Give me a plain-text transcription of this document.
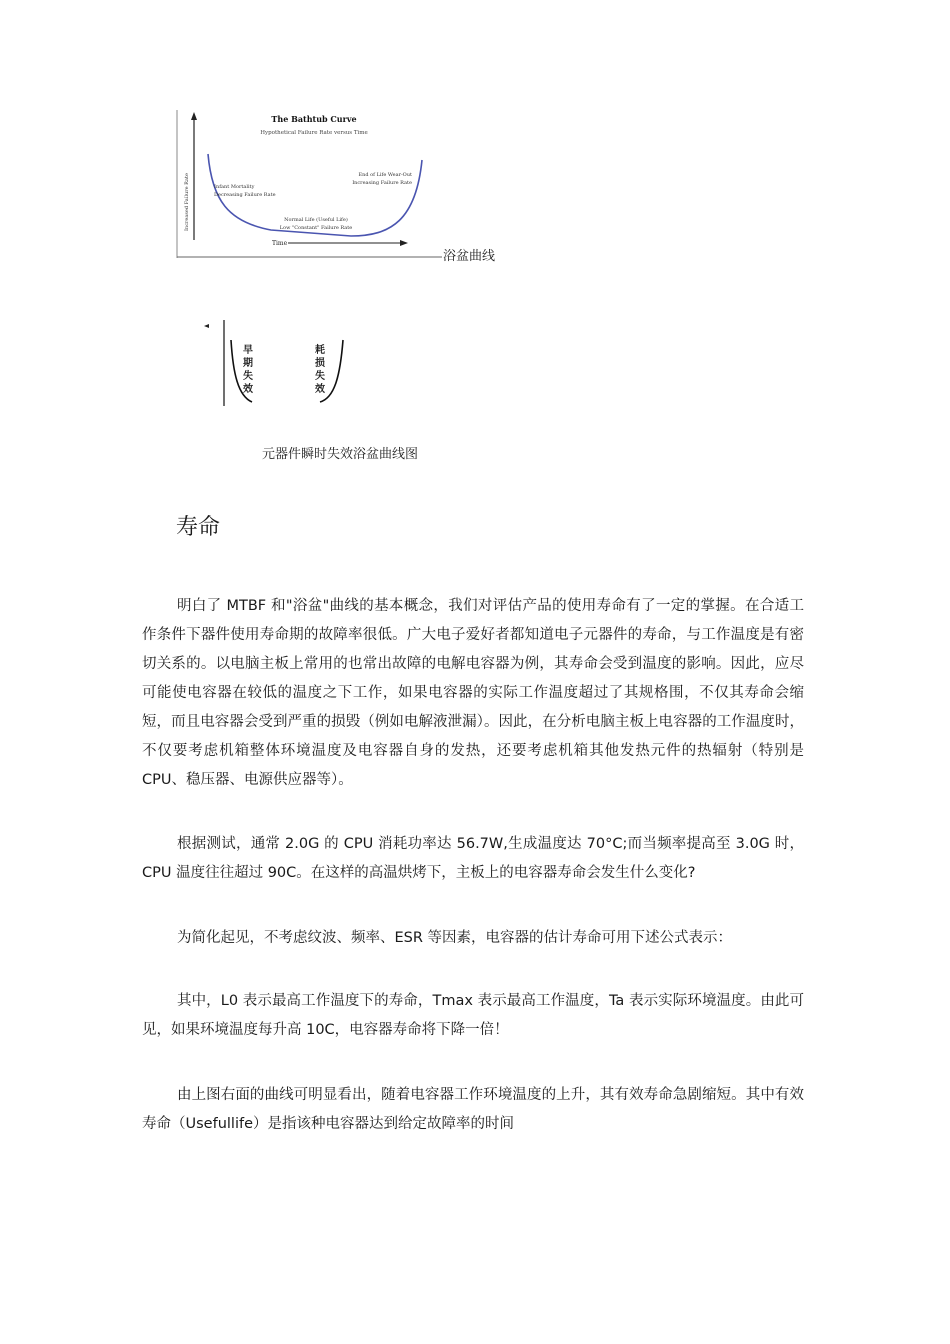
The Bathtub Curve
Hypothetical Failure Rate versus Time
Increased Failure Rate
Time
Infant Mortality
Decreasing Failure Rate
Normal Life (Useful Life)
Low "Constant" Failure Rate
End of Life Wear-Out
Increasing Failure Rate
浴盆曲线
早
期
失
效
耗
损
失
效
元器件瞬时失效浴盆曲线图
寿命

明白了 MTBF 和"浴盆"曲线的基本概念，我们对评估产品的使用寿命有了一定的掌握。在合适工作条件下器件使用寿命期的故障率很低。广大电子爱好者都知道电子元器件的寿命，与工作温度是有密切关系的。以电脑主板上常用的也常出故障的电解电容器为例，其寿命会受到温度的影响。因此，应尽可能使电容器在较低的温度之下工作，如果电容器的实际工作温度超过了其规格围，不仅其寿命会缩短，而且电容器会受到严重的损毁（例如电解液泄漏）。因此，在分析电脑主板上电容器的工作温度时，不仅要考虑机箱整体环境温度及电容器自身的发热，还要考虑机箱其他发热元件的热辐射（特别是 CPU、稳压器、电源供应器等）。

根据测试，通常 2.0G 的 CPU 消耗功率达 56.7W,生成温度达 70°C;而当频率提高至 3.0G 时，CPU 温度往往超过 90C。在这样的高温烘烤下，主板上的电容器寿命会发生什么变化?

为简化起见，不考虑纹波、频率、ESR 等因素，电容器的估计寿命可用下述公式表示：

其中，L0 表示最高工作温度下的寿命，Tmax 表示最高工作温度，Ta 表示实际环境温度。由此可见，如果环境温度每升高 10C，电容器寿命将下降一倍！

由上图右面的曲线可明显看出，随着电容器工作环境温度的上升，其有效寿命急剧缩短。其中有效寿命（Usefullife）是指该种电容器达到给定故障率的时间
